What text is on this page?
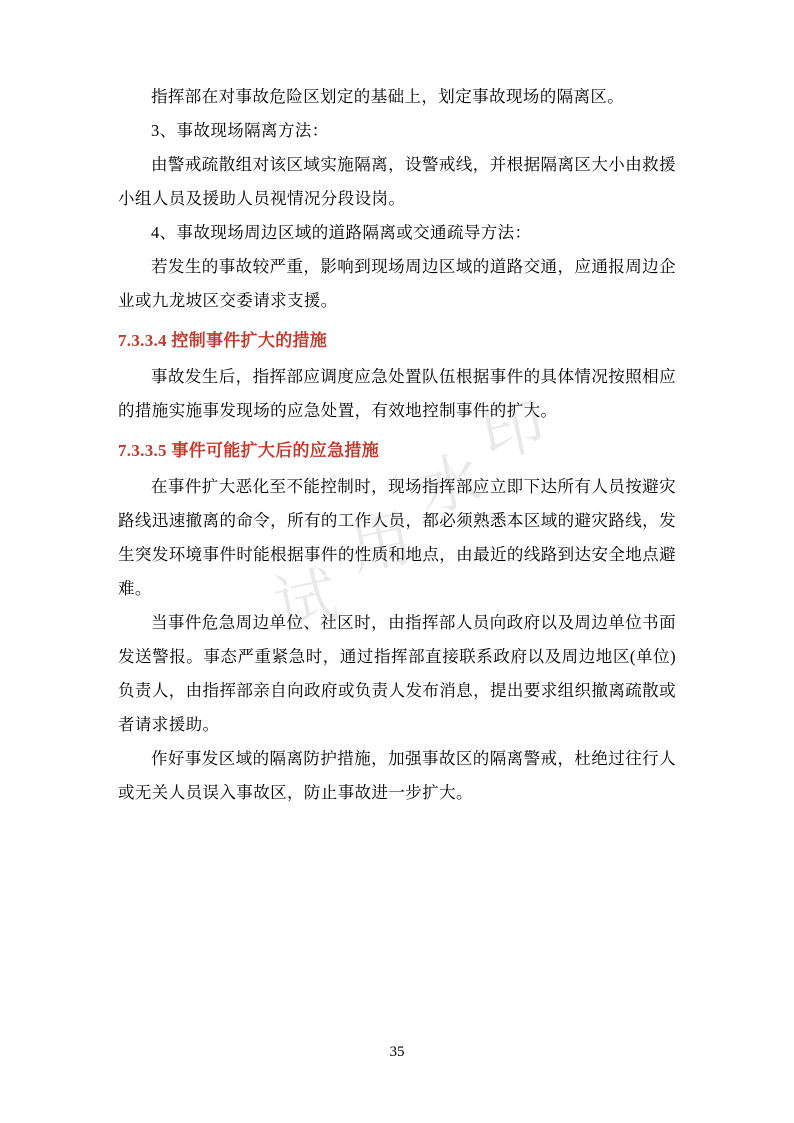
试
用
水
印

指挥部在对事故危险区划定的基础上，划定事故现场的隔离区。

3、事故现场隔离方法：

由警戒疏散组对该区域实施隔离，设警戒线，并根据隔离区大小由救援小组人员及援助人员视情况分段设岗。

4、事故现场周边区域的道路隔离或交通疏导方法：

若发生的事故较严重，影响到现场周边区域的道路交通，应通报周边企业或九龙坡区交委请求支援。

7.3.3.4 控制事件扩大的措施

事故发生后，指挥部应调度应急处置队伍根据事件的具体情况按照相应的措施实施事发现场的应急处置，有效地控制事件的扩大。

7.3.3.5 事件可能扩大后的应急措施

在事件扩大恶化至不能控制时，现场指挥部应立即下达所有人员按避灾路线迅速撤离的命令，所有的工作人员，都必须熟悉本区域的避灾路线，发生突发环境事件时能根据事件的性质和地点，由最近的线路到达安全地点避难。

当事件危急周边单位、社区时，由指挥部人员向政府以及周边单位书面发送警报。事态严重紧急时，通过指挥部直接联系政府以及周边地区(单位)负责人，由指挥部亲自向政府或负责人发布消息，提出要求组织撤离疏散或者请求援助。

作好事发区域的隔离防护措施，加强事故区的隔离警戒，杜绝过往行人或无关人员误入事故区，防止事故进一步扩大。

35
